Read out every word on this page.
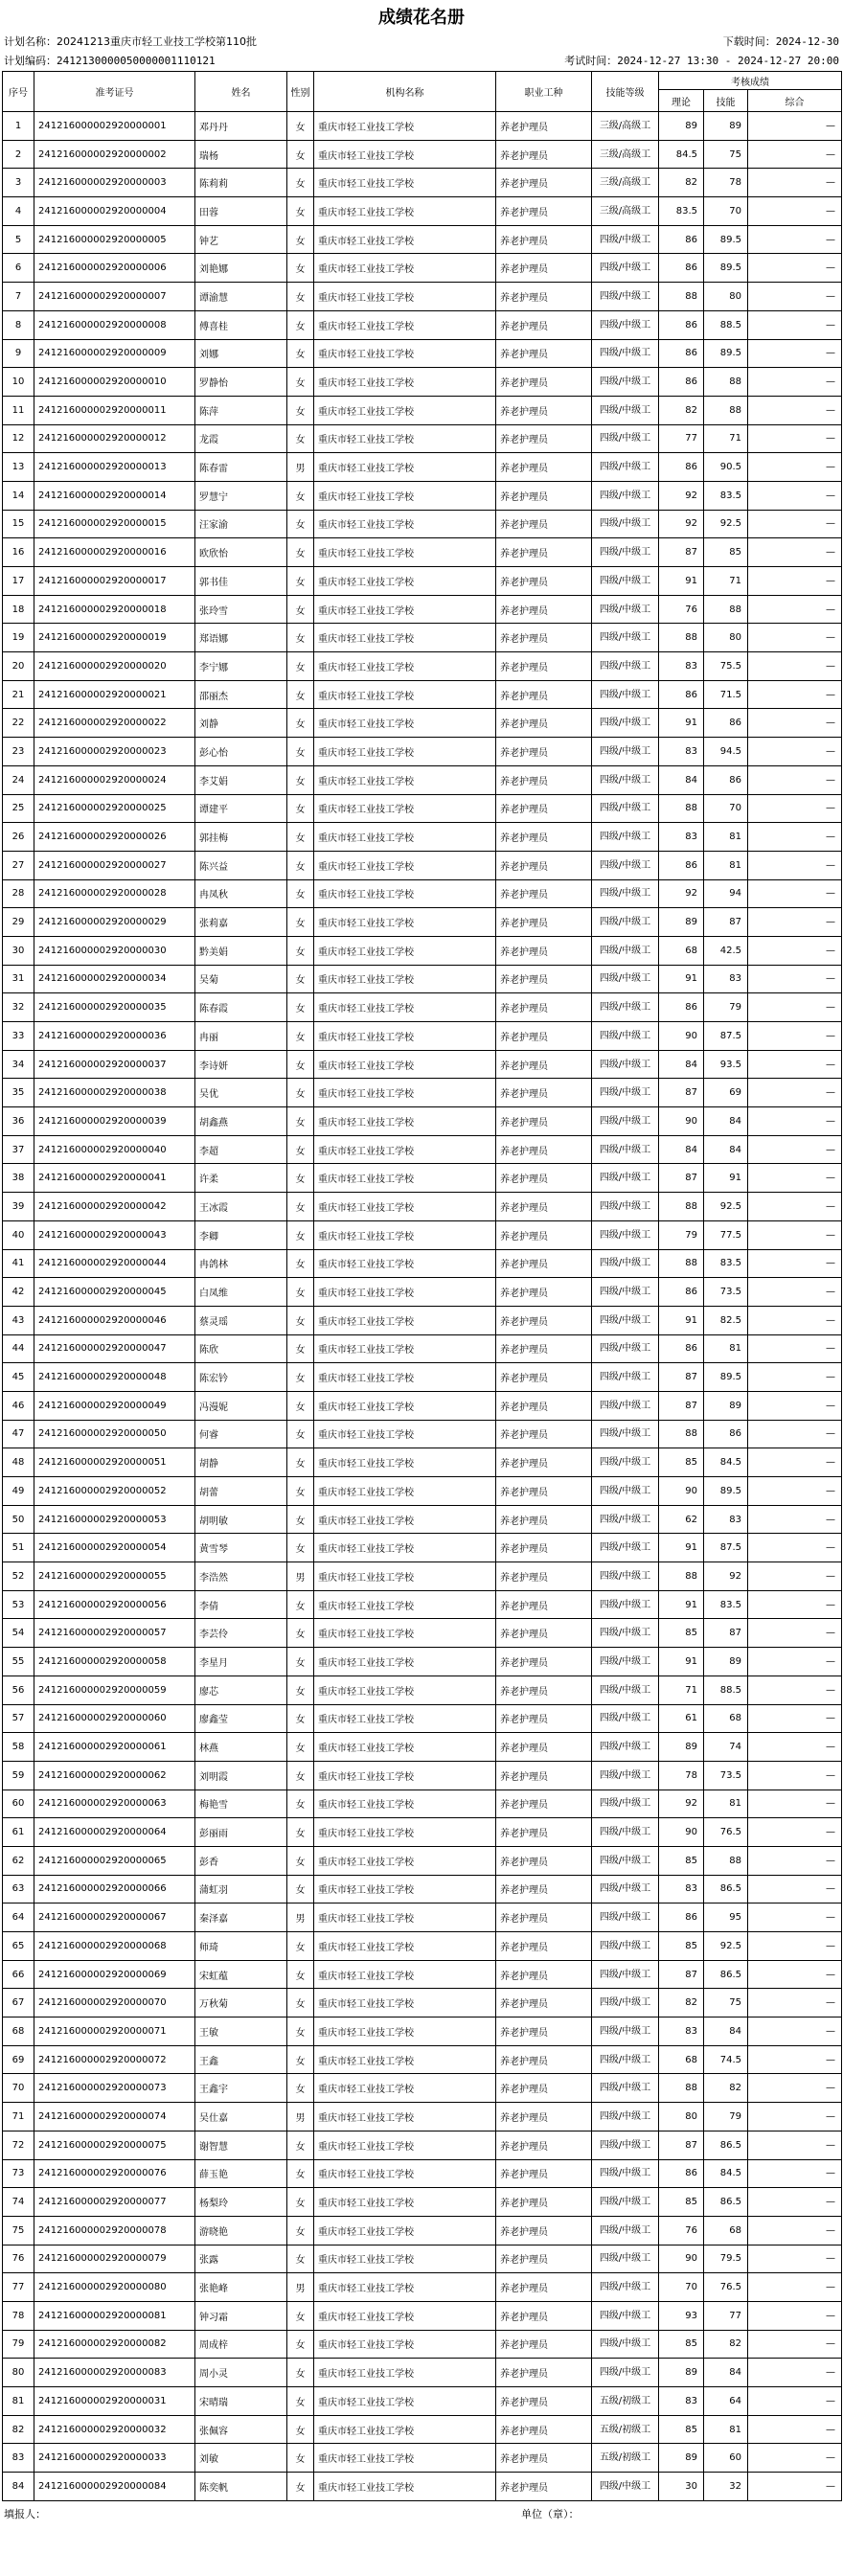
成绩花名册
计划名称：20241213重庆市轻工业技工学校第110批	下载时间：2024-12-30
计划编码：2412130000050000001110121	考试时间：2024-12-27 13:30 - 2024-12-27 20:00
序号	准考证号	姓名	性别	机构名称	职业工种	技能等级	考核成绩		
							理论	技能	综合
1	241216000002920000001	邓丹丹	女	重庆市轻工业技工学校	养老护理员	三级/高级工	89	89	—
2	241216000002920000002	瑞杨	女	重庆市轻工业技工学校	养老护理员	三级/高级工	84.5	75	—
3	241216000002920000003	陈莉莉	女	重庆市轻工业技工学校	养老护理员	三级/高级工	82	78	—
4	241216000002920000004	田蓉	女	重庆市轻工业技工学校	养老护理员	三级/高级工	83.5	70	—
5	241216000002920000005	钟艺	女	重庆市轻工业技工学校	养老护理员	四级/中级工	86	89.5	—
6	241216000002920000006	刘艳娜	女	重庆市轻工业技工学校	养老护理员	四级/中级工	86	89.5	—
7	241216000002920000007	谭渝慧	女	重庆市轻工业技工学校	养老护理员	四级/中级工	88	80	—
8	241216000002920000008	傅喜桂	女	重庆市轻工业技工学校	养老护理员	四级/中级工	86	88.5	—
9	241216000002920000009	刘娜	女	重庆市轻工业技工学校	养老护理员	四级/中级工	86	89.5	—
10	241216000002920000010	罗静怡	女	重庆市轻工业技工学校	养老护理员	四级/中级工	86	88	—
11	241216000002920000011	陈萍	女	重庆市轻工业技工学校	养老护理员	四级/中级工	82	88	—
12	241216000002920000012	龙霞	女	重庆市轻工业技工学校	养老护理员	四级/中级工	77	71	—
13	241216000002920000013	陈春雷	男	重庆市轻工业技工学校	养老护理员	四级/中级工	86	90.5	—
14	241216000002920000014	罗慧宁	女	重庆市轻工业技工学校	养老护理员	四级/中级工	92	83.5	—
15	241216000002920000015	汪家渝	女	重庆市轻工业技工学校	养老护理员	四级/中级工	92	92.5	—
16	241216000002920000016	欧欣怡	女	重庆市轻工业技工学校	养老护理员	四级/中级工	87	85	—
17	241216000002920000017	郭书佳	女	重庆市轻工业技工学校	养老护理员	四级/中级工	91	71	—
18	241216000002920000018	张玲雪	女	重庆市轻工业技工学校	养老护理员	四级/中级工	76	88	—
19	241216000002920000019	郑语娜	女	重庆市轻工业技工学校	养老护理员	四级/中级工	88	80	—
20	241216000002920000020	李宁娜	女	重庆市轻工业技工学校	养老护理员	四级/中级工	83	75.5	—
21	241216000002920000021	邵丽杰	女	重庆市轻工业技工学校	养老护理员	四级/中级工	86	71.5	—
22	241216000002920000022	刘静	女	重庆市轻工业技工学校	养老护理员	四级/中级工	91	86	—
23	241216000002920000023	彭心怡	女	重庆市轻工业技工学校	养老护理员	四级/中级工	83	94.5	—
24	241216000002920000024	李艾娟	女	重庆市轻工业技工学校	养老护理员	四级/中级工	84	86	—
25	241216000002920000025	谭建平	女	重庆市轻工业技工学校	养老护理员	四级/中级工	88	70	—
26	241216000002920000026	郭挂梅	女	重庆市轻工业技工学校	养老护理员	四级/中级工	83	81	—
27	241216000002920000027	陈兴益	女	重庆市轻工业技工学校	养老护理员	四级/中级工	86	81	—
28	241216000002920000028	冉凤秋	女	重庆市轻工业技工学校	养老护理员	四级/中级工	92	94	—
29	241216000002920000029	张莉嘉	女	重庆市轻工业技工学校	养老护理员	四级/中级工	89	87	—
30	241216000002920000030	黔美娟	女	重庆市轻工业技工学校	养老护理员	四级/中级工	68	42.5	—
31	241216000002920000034	吴菊	女	重庆市轻工业技工学校	养老护理员	四级/中级工	91	83	—
32	241216000002920000035	陈春霞	女	重庆市轻工业技工学校	养老护理员	四级/中级工	86	79	—
33	241216000002920000036	冉丽	女	重庆市轻工业技工学校	养老护理员	四级/中级工	90	87.5	—
34	241216000002920000037	李诗妍	女	重庆市轻工业技工学校	养老护理员	四级/中级工	84	93.5	—
35	241216000002920000038	吴优	女	重庆市轻工业技工学校	养老护理员	四级/中级工	87	69	—
36	241216000002920000039	胡鑫燕	女	重庆市轻工业技工学校	养老护理员	四级/中级工	90	84	—
37	241216000002920000040	李超	女	重庆市轻工业技工学校	养老护理员	四级/中级工	84	84	—
38	241216000002920000041	许柔	女	重庆市轻工业技工学校	养老护理员	四级/中级工	87	91	—
39	241216000002920000042	王冰霞	女	重庆市轻工业技工学校	养老护理员	四级/中级工	88	92.5	—
40	241216000002920000043	李卿	女	重庆市轻工业技工学校	养老护理员	四级/中级工	79	77.5	—
41	241216000002920000044	冉鸽林	女	重庆市轻工业技工学校	养老护理员	四级/中级工	88	83.5	—
42	241216000002920000045	白凤维	女	重庆市轻工业技工学校	养老护理员	四级/中级工	86	73.5	—
43	241216000002920000046	蔡灵瑶	女	重庆市轻工业技工学校	养老护理员	四级/中级工	91	82.5	—
44	241216000002920000047	陈欣	女	重庆市轻工业技工学校	养老护理员	四级/中级工	86	81	—
45	241216000002920000048	陈宏钤	女	重庆市轻工业技工学校	养老护理员	四级/中级工	87	89.5	—
46	241216000002920000049	冯漫妮	女	重庆市轻工业技工学校	养老护理员	四级/中级工	87	89	—
47	241216000002920000050	何睿	女	重庆市轻工业技工学校	养老护理员	四级/中级工	88	86	—
48	241216000002920000051	胡静	女	重庆市轻工业技工学校	养老护理员	四级/中级工	85	84.5	—
49	241216000002920000052	胡蕾	女	重庆市轻工业技工学校	养老护理员	四级/中级工	90	89.5	—
50	241216000002920000053	胡明敏	女	重庆市轻工业技工学校	养老护理员	四级/中级工	62	83	—
51	241216000002920000054	黄雪琴	女	重庆市轻工业技工学校	养老护理员	四级/中级工	91	87.5	—
52	241216000002920000055	李浩然	男	重庆市轻工业技工学校	养老护理员	四级/中级工	88	92	—
53	241216000002920000056	李倩	女	重庆市轻工业技工学校	养老护理员	四级/中级工	91	83.5	—
54	241216000002920000057	李芸伶	女	重庆市轻工业技工学校	养老护理员	四级/中级工	85	87	—
55	241216000002920000058	李星月	女	重庆市轻工业技工学校	养老护理员	四级/中级工	91	89	—
56	241216000002920000059	廖芯	女	重庆市轻工业技工学校	养老护理员	四级/中级工	71	88.5	—
57	241216000002920000060	廖鑫莹	女	重庆市轻工业技工学校	养老护理员	四级/中级工	61	68	—
58	241216000002920000061	林燕	女	重庆市轻工业技工学校	养老护理员	四级/中级工	89	74	—
59	241216000002920000062	刘明霞	女	重庆市轻工业技工学校	养老护理员	四级/中级工	78	73.5	—
60	241216000002920000063	梅艳雪	女	重庆市轻工业技工学校	养老护理员	四级/中级工	92	81	—
61	241216000002920000064	彭丽雨	女	重庆市轻工业技工学校	养老护理员	四级/中级工	90	76.5	—
62	241216000002920000065	彭香	女	重庆市轻工业技工学校	养老护理员	四级/中级工	85	88	—
63	241216000002920000066	蒲虹羽	女	重庆市轻工业技工学校	养老护理员	四级/中级工	83	86.5	—
64	241216000002920000067	秦泽嘉	男	重庆市轻工业技工学校	养老护理员	四级/中级工	86	95	—
65	241216000002920000068	师琦	女	重庆市轻工业技工学校	养老护理员	四级/中级工	85	92.5	—
66	241216000002920000069	宋虹蕴	女	重庆市轻工业技工学校	养老护理员	四级/中级工	87	86.5	—
67	241216000002920000070	万秋菊	女	重庆市轻工业技工学校	养老护理员	四级/中级工	82	75	—
68	241216000002920000071	王敏	女	重庆市轻工业技工学校	养老护理员	四级/中级工	83	84	—
69	241216000002920000072	王鑫	女	重庆市轻工业技工学校	养老护理员	四级/中级工	68	74.5	—
70	241216000002920000073	王鑫宇	女	重庆市轻工业技工学校	养老护理员	四级/中级工	88	82	—
71	241216000002920000074	吴仕嘉	男	重庆市轻工业技工学校	养老护理员	四级/中级工	80	79	—
72	241216000002920000075	谢智慧	女	重庆市轻工业技工学校	养老护理员	四级/中级工	87	86.5	—
73	241216000002920000076	薛玉艳	女	重庆市轻工业技工学校	养老护理员	四级/中级工	86	84.5	—
74	241216000002920000077	杨梨玲	女	重庆市轻工业技工学校	养老护理员	四级/中级工	85	86.5	—
75	241216000002920000078	游晓艳	女	重庆市轻工业技工学校	养老护理员	四级/中级工	76	68	—
76	241216000002920000079	张露	女	重庆市轻工业技工学校	养老护理员	四级/中级工	90	79.5	—
77	241216000002920000080	张艳峰	男	重庆市轻工业技工学校	养老护理员	四级/中级工	70	76.5	—
78	241216000002920000081	钟习霜	女	重庆市轻工业技工学校	养老护理员	四级/中级工	93	77	—
79	241216000002920000082	周成梓	女	重庆市轻工业技工学校	养老护理员	四级/中级工	85	82	—
80	241216000002920000083	周小灵	女	重庆市轻工业技工学校	养老护理员	四级/中级工	89	84	—
81	241216000002920000031	宋晴瑞	女	重庆市轻工业技工学校	养老护理员	五级/初级工	83	64	—
82	241216000002920000032	张佩容	女	重庆市轻工业技工学校	养老护理员	五级/初级工	85	81	—
83	241216000002920000033	刘敏	女	重庆市轻工业技工学校	养老护理员	五级/初级工	89	60	—
84	241216000002920000084	陈奕帆	女	重庆市轻工业技工学校	养老护理员	四级/中级工	30	32	—
填报人：	单位（章）：
